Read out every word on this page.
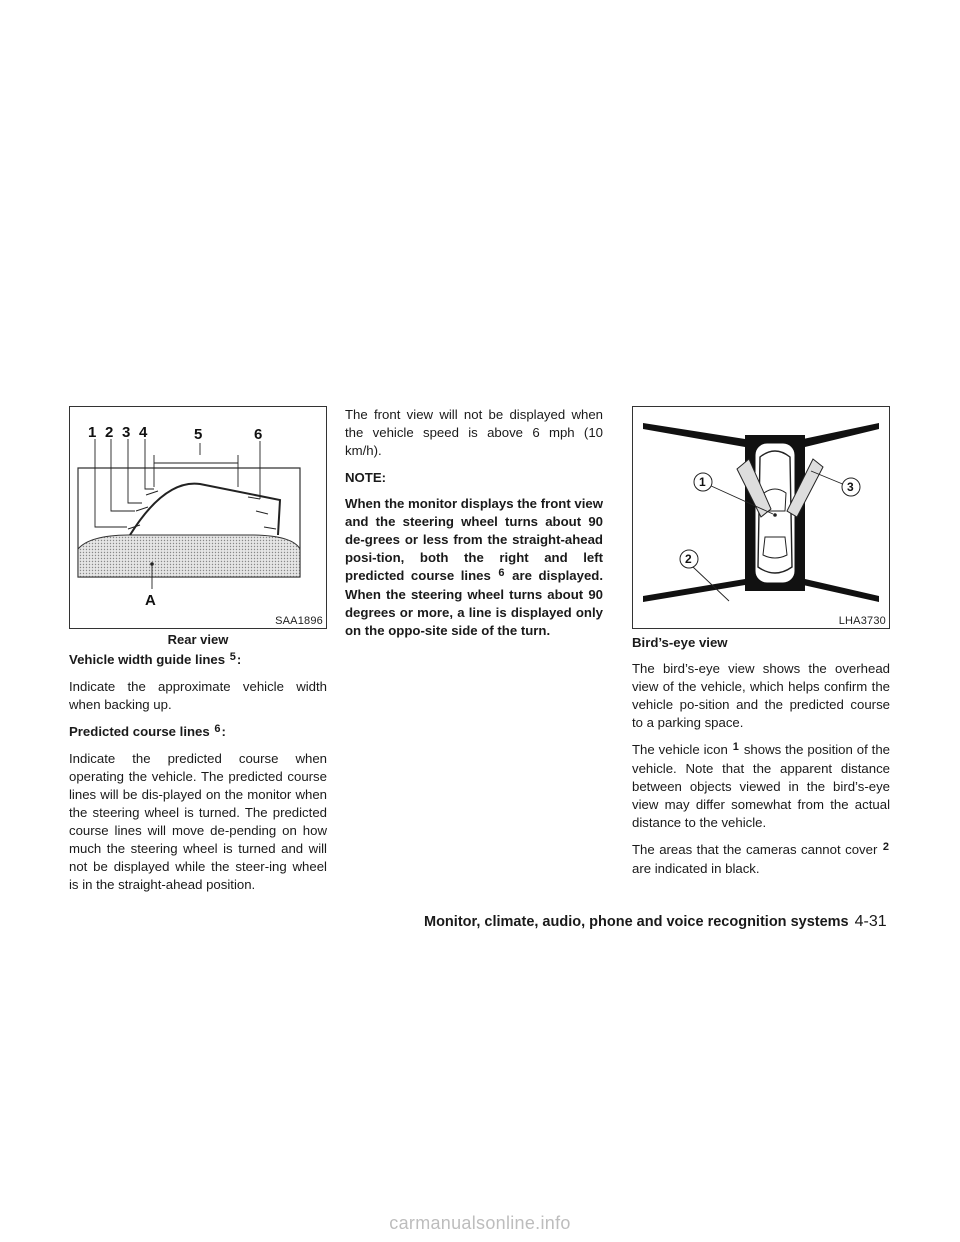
1 2 3 4	5	6
A
SAA1896
Rear view
Vehicle width guide lines 5:

Indicate the approximate vehicle width when backing up.

Predicted course lines 6:

Indicate the predicted course when operating the vehicle. The predicted course lines will be dis-played on the monitor when the steering wheel is turned. The predicted course lines will move de-pending on how much the steering wheel is turned and will not be displayed while the steer-ing wheel is in the straight-ahead position.

The front view will not be displayed when the vehicle speed is above 6 mph (10 km/h).

NOTE:
When the monitor displays the front view and the steering wheel turns about 90 de-grees or less from the straight-ahead posi-tion, both the right and left predicted course lines 6 are displayed. When the steering wheel turns about 90 degrees or more, a line is displayed only on the oppo-site side of the turn.
1
2
3
LHA3730
Bird’s-eye view

The bird’s-eye view shows the overhead view of the vehicle, which helps confirm the vehicle po-sition and the predicted course to a parking space.

The vehicle icon 1 shows the position of the vehicle. Note that the apparent distance between objects viewed in the bird’s-eye view may differ somewhat from the actual distance to the vehicle.

The areas that the cameras cannot cover 2 are indicated in black.

Monitor, climate, audio, phone and voice recognition systems 4-31
carmanualsonline.info
